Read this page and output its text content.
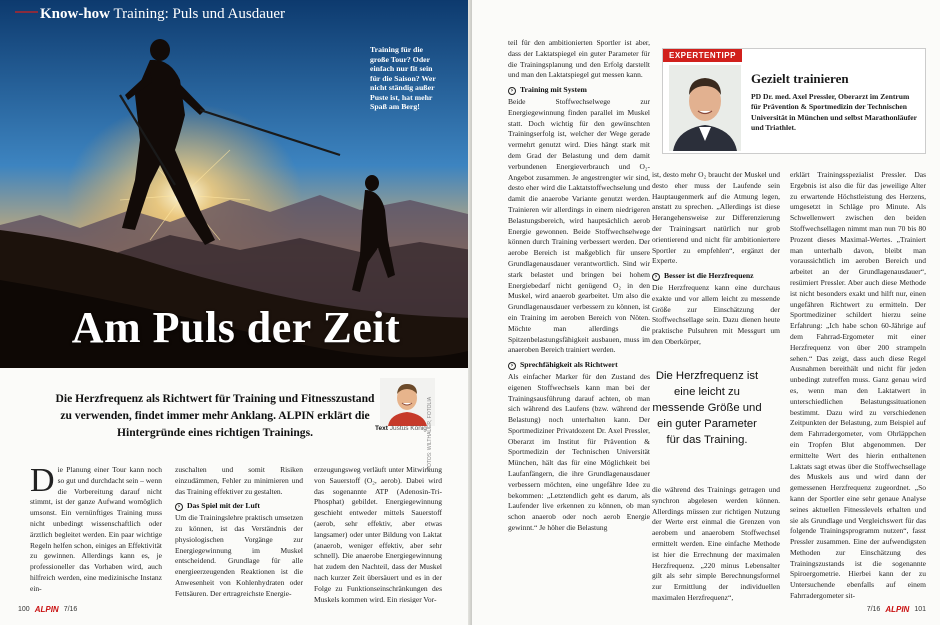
Know-how Training: Puls und Ausdauer
Training für die große Tour? Oder einfach nur fit sein für die Saison? Wer nicht ständig außer Puste ist, hat mehr Spaß am Berg!
Am Puls der Zeit
Die Herzfrequenz als Richtwert für Training und Fitnesszustand zu verwenden, findet immer mehr Anklang. ALPIN erklärt die Hintergründe eines richtigen Trainings.	Text Justus König
Die Planung einer Tour kann noch so gut und durchdacht sein – wenn die Vorbereitung darauf nicht stimmt, ist der ganze Aufwand womöglich umsonst. Ein vernünftiges Training muss nicht unbedingt wissenschaftlich oder ärztlich begleitet werden. Ein paar wichtige Regeln helfen schon, einiges an Effektivität zu gewinnen. Allerdings kann es, je professioneller das Vorhaben wird, auch hilfreich werden, eine medizinische Instanz ein-

zuschalten und somit Risiken einzudämmen, Fehler zu minimieren und das Training effektiver zu gestalten.

› Das Spiel mit der Luft

Um die Trainingslehre praktisch umsetzen zu können, ist das Verständnis der physiologischen Vorgänge zur Energiegewinnung im Muskel entscheidend. Grundlage für alle energieerzeugenden Reaktionen ist die Anwesenheit von Kohlenhydraten oder Fettsäuren. Der ertragreichste Energie-

erzeugungsweg verläuft unter Mitwirkung von Sauerstoff (O₂, aerob). Dabei wird das sogenannte ATP (Adenosin-Tri-Phosphat) gebildet. Energiegewinnung geschieht entweder mittels Sauerstoff (aerob, sehr effektiv, aber etwas langsamer) oder unter Bildung von Laktat (anaerob, weniger effektiv, aber sehr schnell). Die anaerobe Energiegewinnung hat zudem den Nachteil, dass der Muskel nach kurzer Zeit übersäuert und es in der Folge zu Funktionseinschränkungen des Muskels kommen wird. Ein riesiger Vor-

FOTOS: WILTHAUER, FOTOLIA
100 ALPIN 7/16

teil für den ambitionierten Sportler ist aber, dass der Laktatspiegel ein guter Parameter für die Trainingsplanung und den Erfolg darstellt und man den Laktatspiegel gut messen kann.

› Training mit System

Beide Stoffwechselwege zur Energiegewinnung finden parallel im Muskel statt. Doch wichtig für den gewünschten Trainingserfolg ist, welcher der Wege gerade vermehrt genutzt wird. Dies hängt stark mit dem Grad der Belastung und dem damit verbundenen Energieverbrauch und O₂-Angebot zusammen. Je angestrengter wir sind, desto eher wird die Laktatstoffwechselung und damit die anaerobe Variante genutzt werden. Trainieren wir allerdings in einem niedrigeren Belastungsbereich, wird hauptsächlich aerob Energie gewonnen. Beide Stoffwechselwege können durch Training verbessert werden. Der aerobe Bereich ist maßgeblich für unsere Grundlagenausdauer verantwortlich. Sind wir stark belastet und bringen bei hohem Energiebedarf nicht genügend O₂ in den Muskel, wird anaerob gearbeitet. Um also die Grundlagenausdauer verbessern zu können, ist ein Training im aeroben Bereich von Nöten. Möchte man allerdings die Spitzenbelastungsfähigkeit ausbauen, muss im anaeroben Bereich trainiert werden.

› Sprechfähigkeit als Richtwert

Als einfacher Marker für den Zustand des eigenen Stoffwechsels kann man bei der Trainingsausführung darauf achten, ob man sich während des Laufens (bzw. während der Belastung) noch unterhalten kann. Der Sportmediziner Privatdozent Dr. Axel Pressler, Oberarzt im Institut für Prävention & Sportmedizin der Technischen Universität München, hält das für eine Möglichkeit bei Laufanfängern, die ihre Grundlagenausdauer verbessern möchten, eine ungefähre Idee zu bekommen: „Letztendlich geht es darum, als Laufender live erkennen zu können, ob man schon anaerob oder noch aerob Energie gewinnt.“ Je höher die Belastung

EXPERTENTIPP
Gezielt trainieren
PD Dr. med. Axel Pressler, Oberarzt im Zentrum für Prävention & Sportmedizin der Technischen Universität in München und selbst Marathonläufer und Triathlet.

ist, desto mehr O₂ braucht der Muskel und desto eher muss der Laufende sein Hauptaugenmerk auf die Atmung legen, anstatt zu sprechen. „Allerdings ist diese Herangehensweise zur Differenzierung der Trainingsart natürlich nur grob orientierend und nicht für ambitioniertere Sportler zu empfehlen“, ergänzt der Experte.

› Besser ist die Herzfrequenz

Die Herzfrequenz kann eine durchaus exakte und vor allem leicht zu messende Größe zur Einschätzung der Stoffwechsellage sein. Dazu dienen heute praktische Pulsuhren mit Messgurt um den Oberkörper,

Die Herzfrequenz ist eine leicht zu messende Größe und ein guter Parameter für das Training.

die während des Trainings getragen und synchron abgelesen werden können. Allerdings müssen zur richtigen Nutzung der Werte erst einmal die Grenzen von aerobem und anaerobem Stoffwechsel ermittelt werden. Eine einfache Methode ist hier die Errechnung der maximalen Herzfrequenz. „220 minus Lebensalter gilt als sehr simple Berechnungsformel zur Ermittlung der individuellen maximalen Herzfrequenz“,

erklärt Trainingsspezialist Pressler. Das Ergebnis ist also die für das jeweilige Alter zu erwartende Höchstleistung des Herzens, umgesetzt in Schläge pro Minute. Als Schwellenwert zwischen den beiden Stoffwechsellagen nimmt man nun 70 bis 80 Prozent dieses Maximal-Wertes. „Trainiert man unterhalb davon, bleibt man voraussichtlich im aeroben Bereich und arbeitet an der Grundlagenausdauer“, resümiert Pressler. Aber auch diese Methode ist nicht besonders exakt und hilft nur, einen ungefähren Richtwert zu ermitteln. Der Sportmediziner schildert hierzu seine Erfahrung: „Ich habe schon 60-Jährige auf dem Fahrrad-Ergometer mit einer Herzfrequenz von über 200 strampeln sehen.“ Das zeigt, dass auch diese Regel Ausnahmen bereithält und nicht für jeden unbedingt zutreffen muss. Ganz genau wird es, wenn man den Laktatwert in unterschiedlichen Belastungssituationen bestimmt. Dazu wird zu verschiedenen Zeitpunkten der Belastung, zum Beispiel auf dem Fahrradergometer, vom Ohrläppchen ein Tropfen Blut abgenommen. Der ermittelte Wert des hierin enthaltenen Laktats sagt etwas über die Stoffwechsellage des Muskels aus und wird dann der gemessenen Herzfrequenz zugeordnet. „So kann der Sportler eine sehr genaue Analyse seines aktuellen Fitnesslevels erhalten und sie als Grundlage und Vergleichswert für das folgende Trainingsprogramm nutzen“, fasst Pressler zusammen. Eine der aufwendigsten Methoden zur Einschätzung des Trainingszustands ist die sogenannte Spiroergometrie. Hierbei kann der zu Untersuchende ebenfalls auf einem Fahrradergometer sit-

7/16 ALPIN 101
